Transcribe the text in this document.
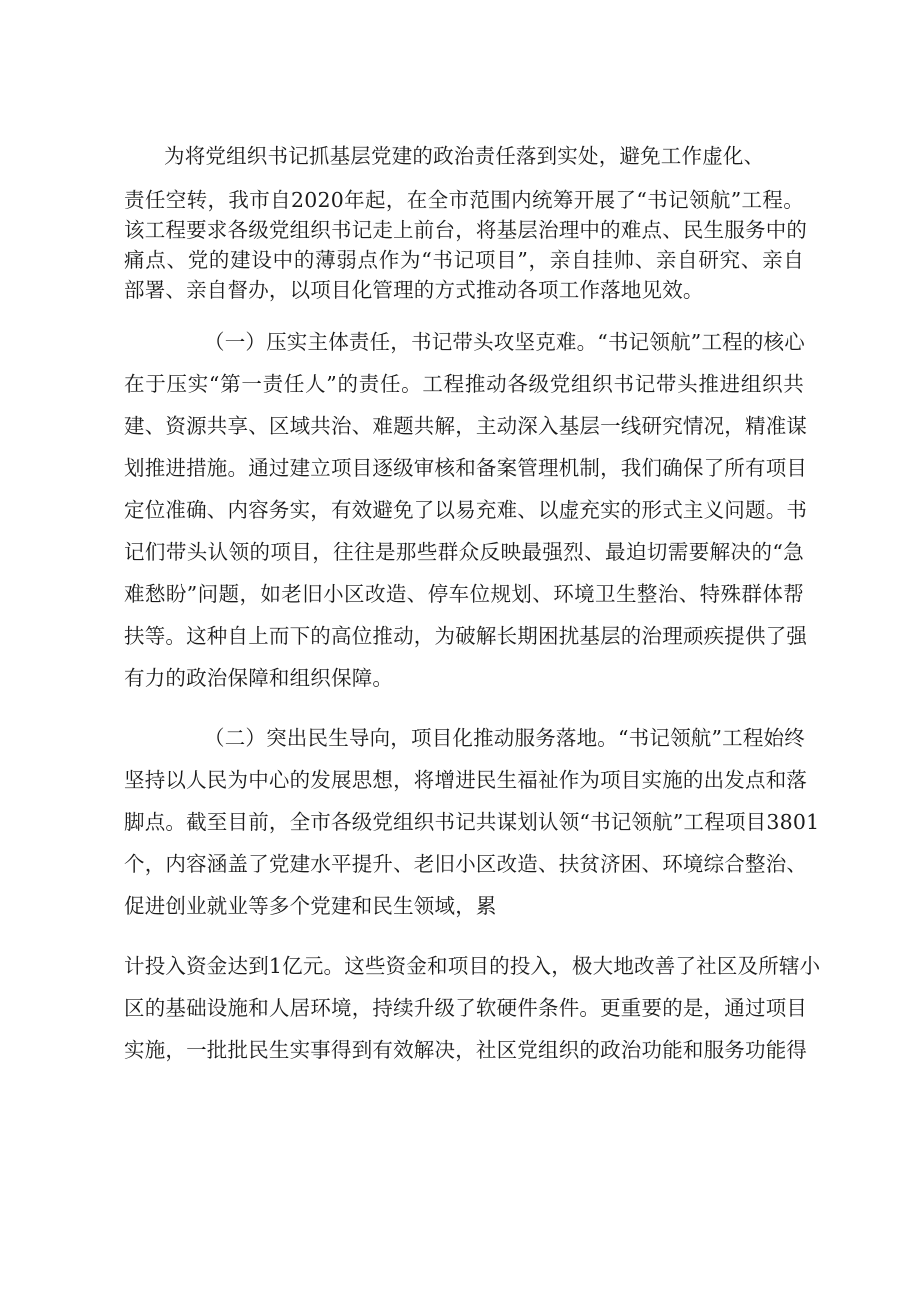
为将党组织书记抓基层党建的政治责任落到实处，避免工作虚化、
责任空转，我市自2020年起，在全市范围内统筹开展了“书记领航”工程。
该工程要求各级党组织书记走上前台，将基层治理中的难点、民生服务中的
痛点、党的建设中的薄弱点作为“书记项目”，亲自挂帅、亲自研究、亲自
部署、亲自督办，以项目化管理的方式推动各项工作落地见效。
（一）压实主体责任，书记带头攻坚克难。“书记领航”工程的核心
在于压实“第一责任人”的责任。工程推动各级党组织书记带头推进组织共
建、资源共享、区域共治、难题共解，主动深入基层一线研究情况，精准谋
划推进措施。通过建立项目逐级审核和备案管理机制，我们确保了所有项目
定位准确、内容务实，有效避免了以易充难、以虚充实的形式主义问题。书
记们带头认领的项目，往往是那些群众反映最强烈、最迫切需要解决的“急
难愁盼”问题，如老旧小区改造、停车位规划、环境卫生整治、特殊群体帮
扶等。这种自上而下的高位推动，为破解长期困扰基层的治理顽疾提供了强
有力的政治保障和组织保障。
（二）突出民生导向，项目化推动服务落地。“书记领航”工程始终
坚持以人民为中心的发展思想，将增进民生福祉作为项目实施的出发点和落
脚点。截至目前，全市各级党组织书记共谋划认领“书记领航”工程项目3801
个，内容涵盖了党建水平提升、老旧小区改造、扶贫济困、环境综合整治、
促进创业就业等多个党建和民生领域，累
计投入资金达到1亿元。这些资金和项目的投入，极大地改善了社区及所辖小
区的基础设施和人居环境，持续升级了软硬件条件。更重要的是，通过项目
实施，一批批民生实事得到有效解决，社区党组织的政治功能和服务功能得
